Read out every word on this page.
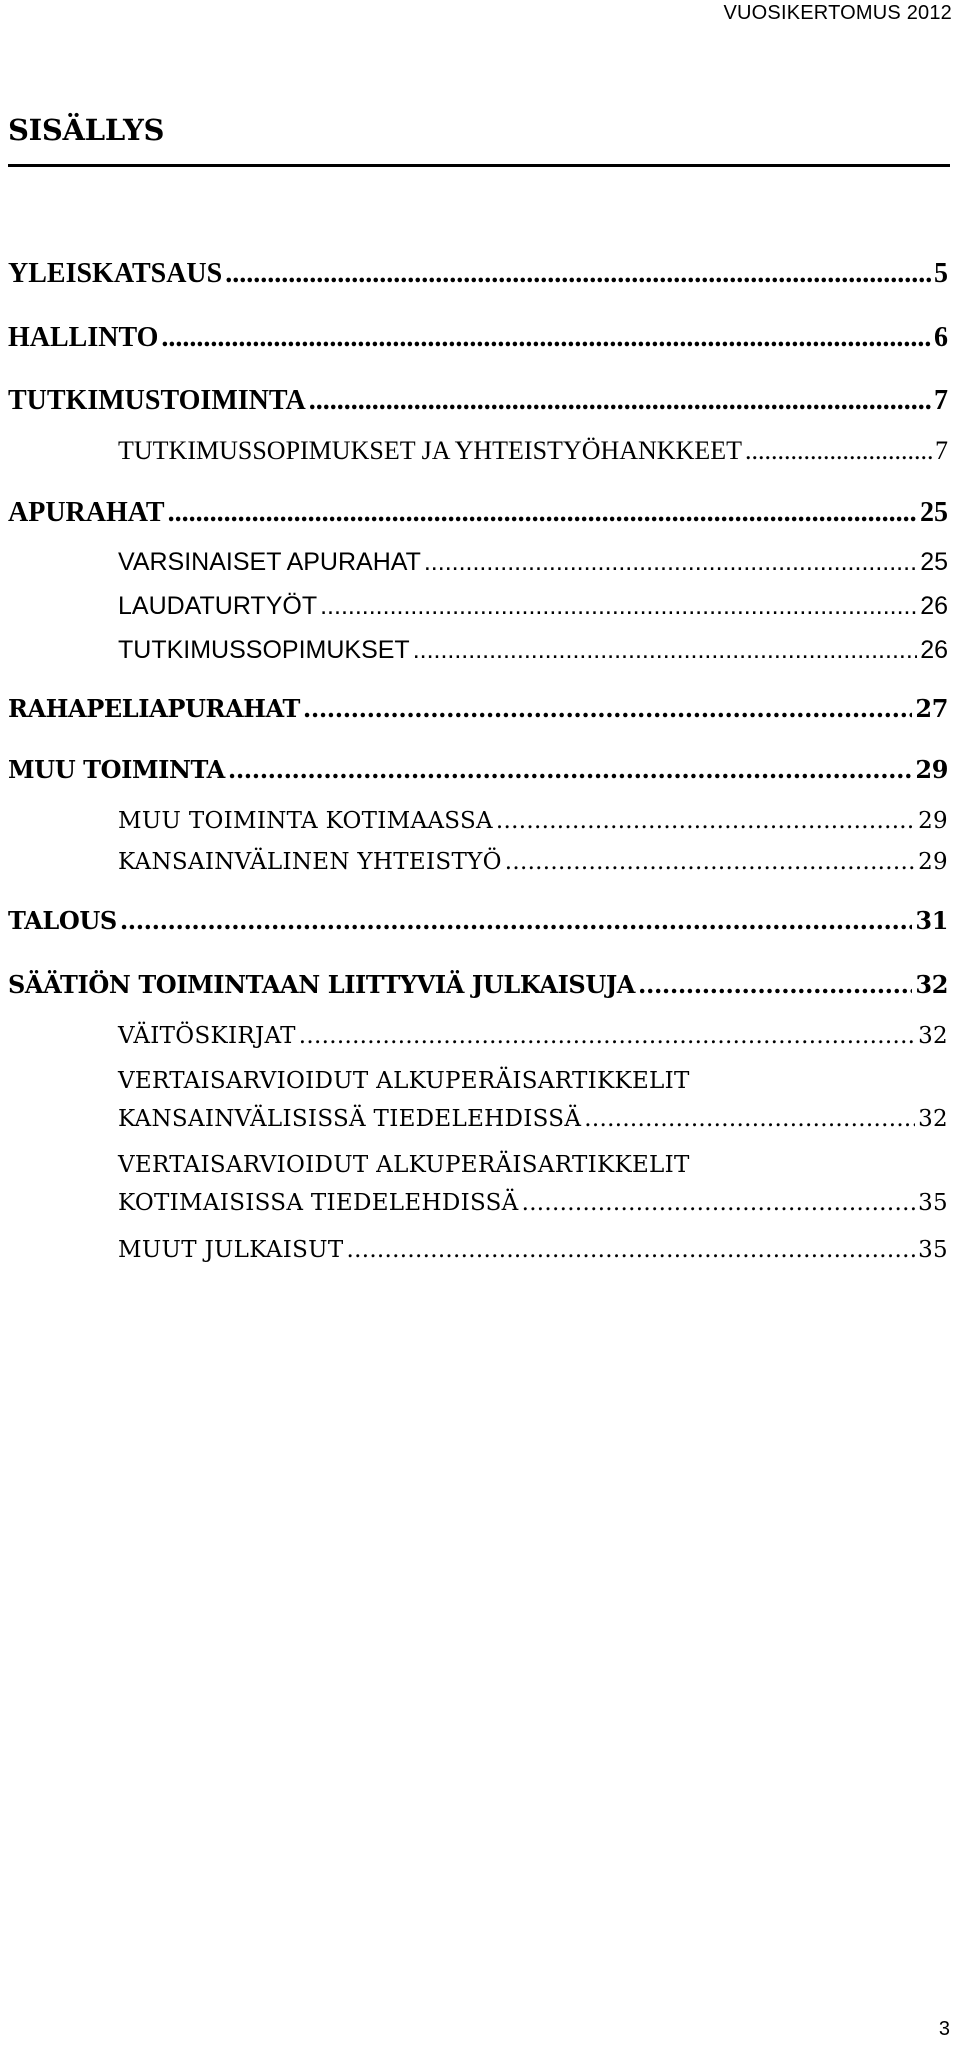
VUOSIKERTOMUS 2012
SISÄLLYS
YLEISKATSAUS .....	5
HALLINTO .....	6
TUTKIMUSTOIMINTA .....	7
TUTKIMUSSOPIMUKSET JA YHTEISTYÖHANKKEET .....	7
APURAHAT .....	25
VARSINAISET APURAHAT .....	25
LAUDATURTYÖT .....	26
TUTKIMUSSOPIMUKSET .....	26
RAHAPELIAPURAHAT .....	27
MUU TOIMINTA .....	29
MUU TOIMINTA KOTIMAASSA .....	29
KANSAINVÄLINEN YHTEISTYÖ .....	29
TALOUS .....	31
SÄÄTIÖN TOIMINTAAN LIITTYVIÄ JULKAISUJA .....	32
VÄITÖSKIRJAT .....	32
VERTAISARVIOIDUT ALKUPERÄISARTIKKELIT
KANSAINVÄLISISSÄ TIEDELEHDISSÄ .....	32
VERTAISARVIOIDUT ALKUPERÄISARTIKKELIT
KOTIMAISISSA TIEDELEHDISSÄ .....	35
MUUT JULKAISUT .....	35
3
